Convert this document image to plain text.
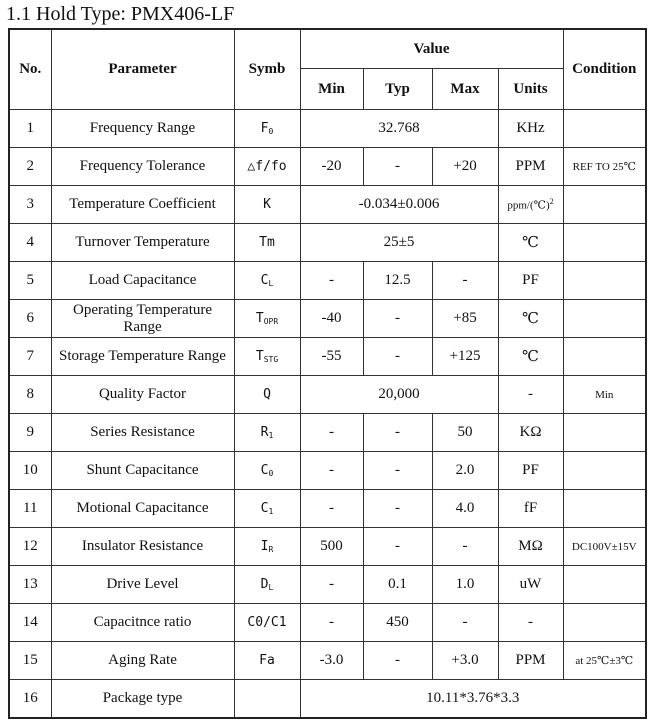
1.1 Hold Type: PMX406-LF
No.	Parameter	Symb	Value				Condition
			Min	Typ	Max	Units	
1	Frequency Range	$F_0$	32.768			KHz	
2	Frequency Tolerance	△f/fo	-20	-	+20	PPM	REF TO 25℃
3	Temperature Coefficient	K	-0.034±0.006			ppm/(℃)$^2$	
4	Turnover Temperature	Tm	25±5			℃	
5	Load Capacitance	$C_L$	-	12.5	-	PF	
6	Operating Temperature Range	$T_{OPR}$	-40	-	+85	℃	
7	Storage Temperature Range	$T_{STG}$	-55	-	+125	℃	
8	Quality Factor	Q	20,000			-	Min
9	Series Resistance	$R_1$	-	-	50	KΩ	
10	Shunt Capacitance	$C_0$	-	-	2.0	PF	
11	Motional Capacitance	$C_1$	-	-	4.0	fF	
12	Insulator Resistance	$I_R$	500	-	-	MΩ	DC100V±15V
13	Drive Level	$D_L$	-	0.1	1.0	uW	
14	Capacitnce ratio	C0/C1	-	450	-	-	
15	Aging Rate	Fa	-3.0	-	+3.0	PPM	at 25℃±3℃
16	Package type		10.11*3.76*3.3				
